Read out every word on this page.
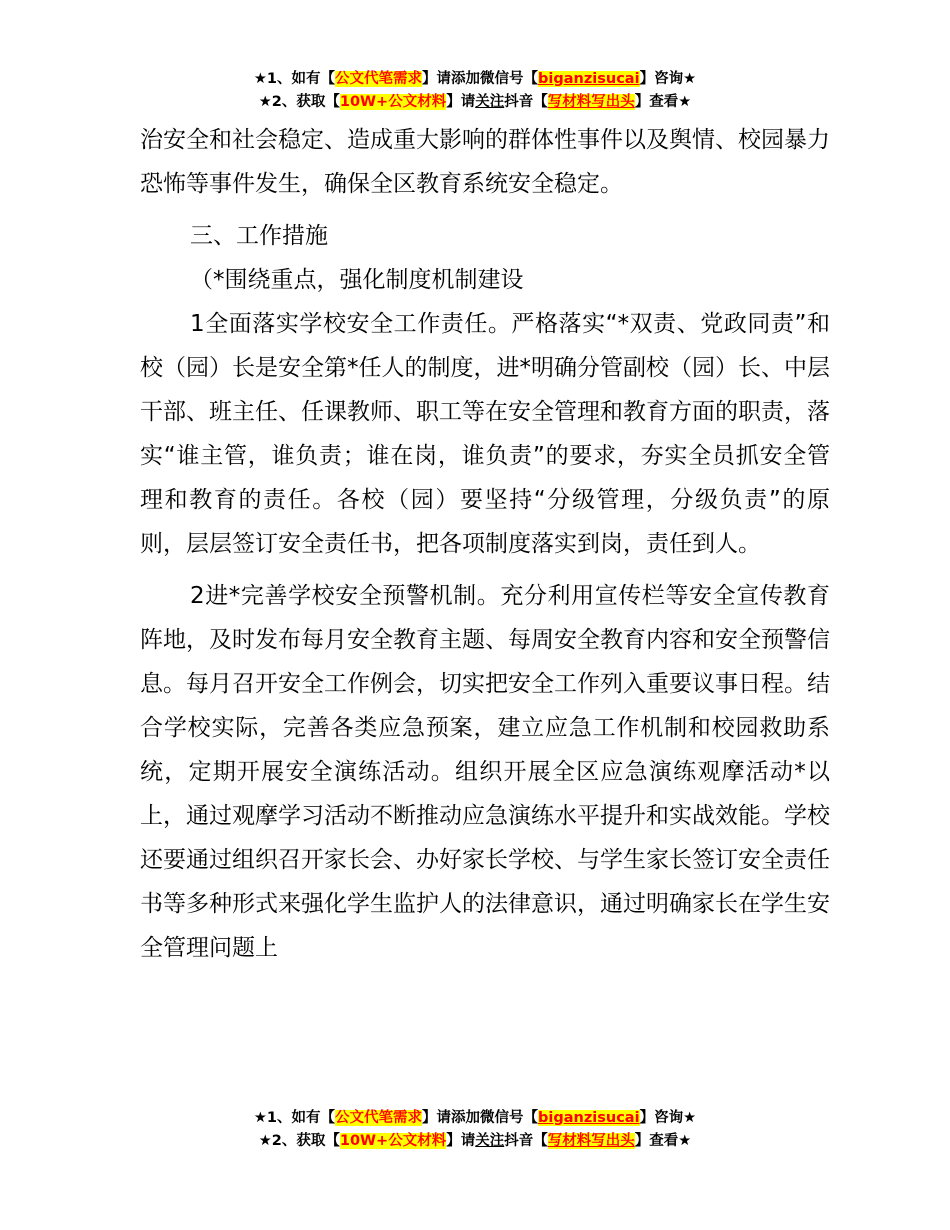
★1、如有【公文代笔需求】请添加微信号【biganzisucai】咨询★
★2、获取【10W+公文材料】请关注抖音【写材料写出头】查看★

治安全和社会稳定、造成重大影响的群体性事件以及舆情、校园暴力恐怖等事件发生，确保全区教育系统安全稳定。

三、工作措施

（*围绕重点，强化制度机制建设

1全面落实学校安全工作责任。严格落实“*双责、党政同责”和校（园）长是安全第*任人的制度，进*明确分管副校（园）长、中层干部、班主任、任课教师、职工等在安全管理和教育方面的职责，落实“谁主管，谁负责；谁在岗，谁负责”的要求，夯实全员抓安全管理和教育的责任。各校（园）要坚持“分级管理，分级负责”的原则，层层签订安全责任书，把各项制度落实到岗，责任到人。

2进*完善学校安全预警机制。充分利用宣传栏等安全宣传教育阵地，及时发布每月安全教育主题、每周安全教育内容和安全预警信息。每月召开安全工作例会，切实把安全工作列入重要议事日程。结合学校实际，完善各类应急预案，建立应急工作机制和校园救助系统，定期开展安全演练活动。组织开展全区应急演练观摩活动*以上，通过观摩学习活动不断推动应急演练水平提升和实战效能。学校还要通过组织召开家长会、办好家长学校、与学生家长签订安全责任书等多种形式来强化学生监护人的法律意识，通过明确家长在学生安全管理问题上

★1、如有【公文代笔需求】请添加微信号【biganzisucai】咨询★
★2、获取【10W+公文材料】请关注抖音【写材料写出头】查看★
